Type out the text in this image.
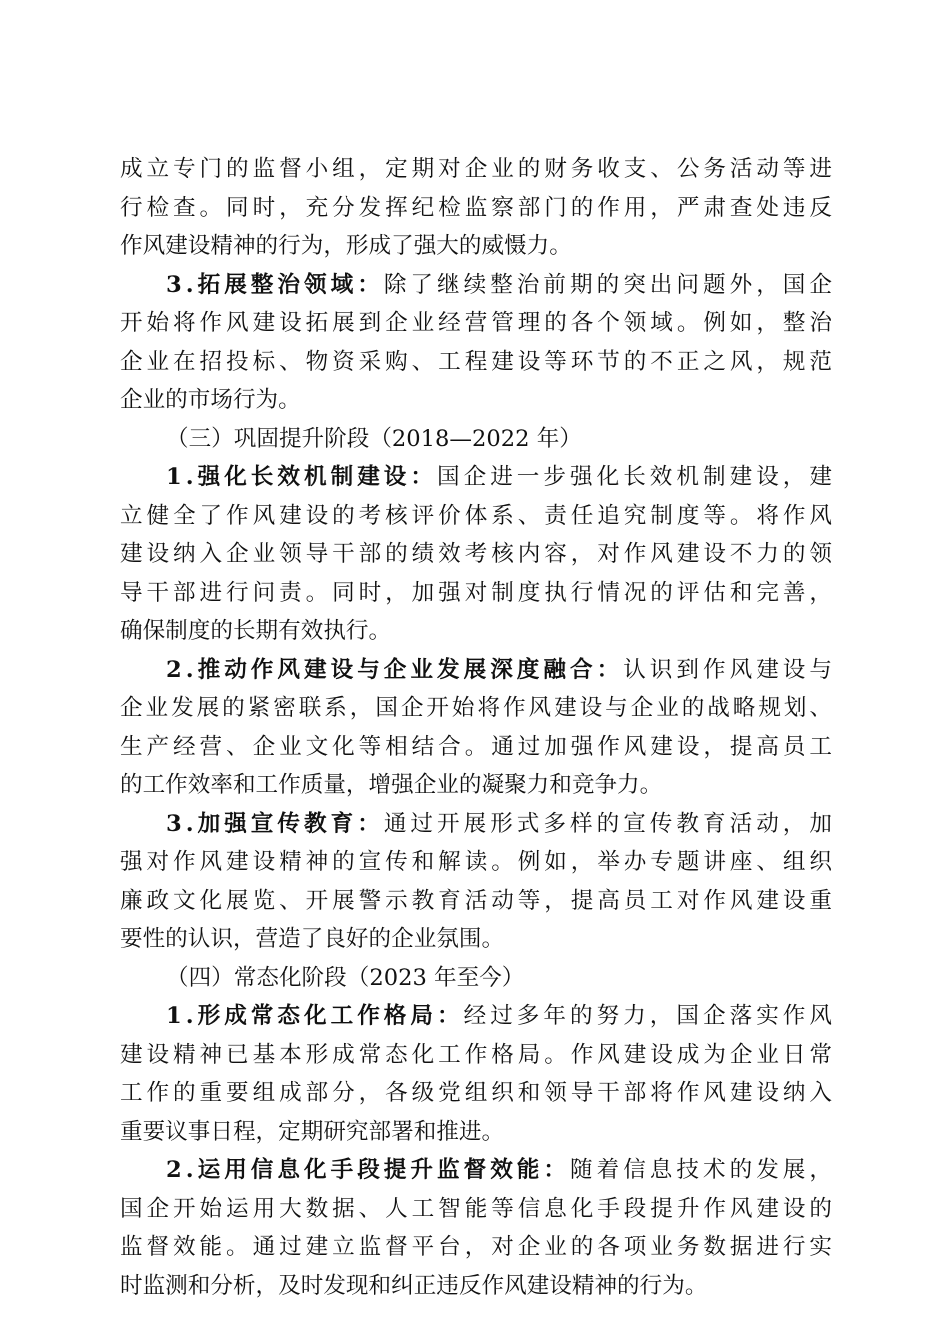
成立专门的监督小组，定期对企业的财务收支、公务活动等进
行检查。同时，充分发挥纪检监察部门的作用，严肃查处违反
作风建设精神的行为，形成了强大的威慑力。
3.拓展整治领域：除了继续整治前期的突出问题外，国企
开始将作风建设拓展到企业经营管理的各个领域。例如，整治
企业在招投标、物资采购、工程建设等环节的不正之风，规范
企业的市场行为。
（三）巩固提升阶段（2018—2022 年）
1.强化长效机制建设：国企进一步强化长效机制建设，建
立健全了作风建设的考核评价体系、责任追究制度等。将作风
建设纳入企业领导干部的绩效考核内容，对作风建设不力的领
导干部进行问责。同时，加强对制度执行情况的评估和完善，
确保制度的长期有效执行。
2.推动作风建设与企业发展深度融合：认识到作风建设与
企业发展的紧密联系，国企开始将作风建设与企业的战略规划、
生产经营、企业文化等相结合。通过加强作风建设，提高员工
的工作效率和工作质量，增强企业的凝聚力和竞争力。
3.加强宣传教育：通过开展形式多样的宣传教育活动，加
强对作风建设精神的宣传和解读。例如，举办专题讲座、组织
廉政文化展览、开展警示教育活动等，提高员工对作风建设重
要性的认识，营造了良好的企业氛围。
（四）常态化阶段（2023 年至今）
1.形成常态化工作格局：经过多年的努力，国企落实作风
建设精神已基本形成常态化工作格局。作风建设成为企业日常
工作的重要组成部分，各级党组织和领导干部将作风建设纳入
重要议事日程，定期研究部署和推进。
2.运用信息化手段提升监督效能：随着信息技术的发展，
国企开始运用大数据、人工智能等信息化手段提升作风建设的
监督效能。通过建立监督平台，对企业的各项业务数据进行实
时监测和分析，及时发现和纠正违反作风建设精神的行为。
